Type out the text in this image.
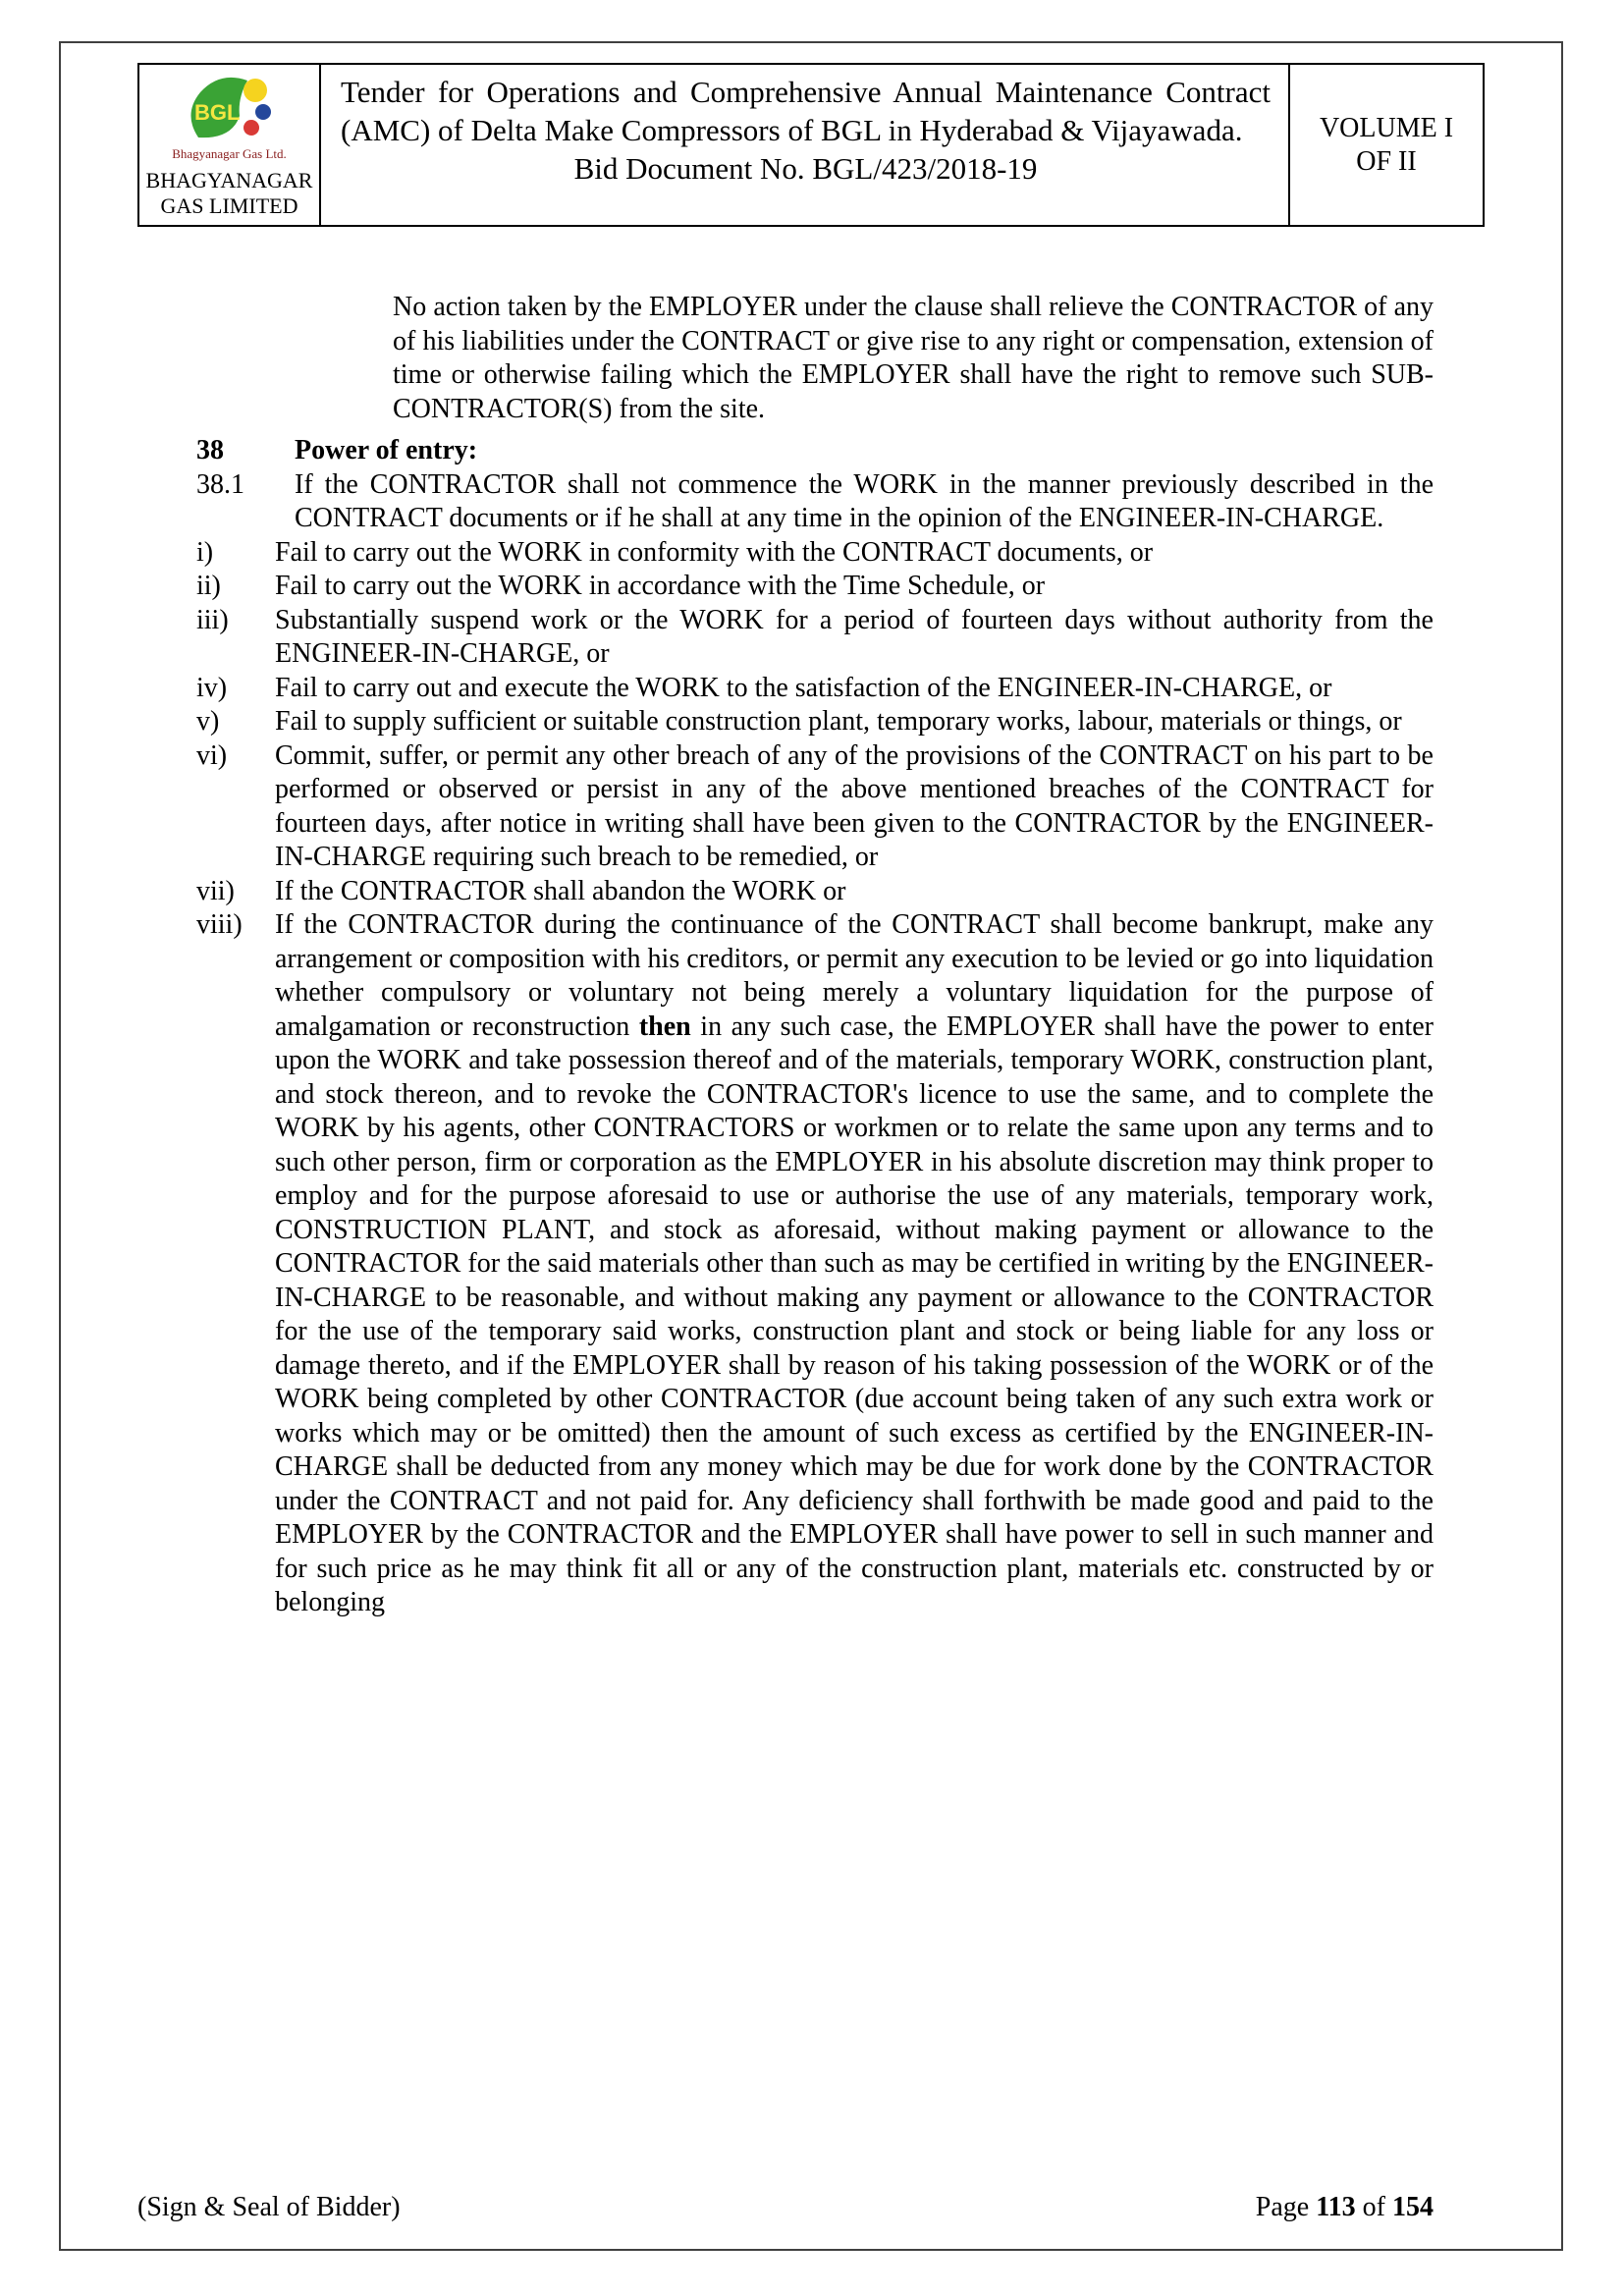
BGL
Bhagyanagar Gas Ltd.
BHAGYANAGAR GAS LIMITED

Tender for Operations and Comprehensive Annual Maintenance Contract (AMC) of Delta Make Compressors of BGL in Hyderabad & Vijayawada.

Bid Document No. BGL/423/2018-19

VOLUME I
OF II

No action taken by the EMPLOYER under the clause shall relieve the CONTRACTOR of any of his liabilities under the CONTRACT or give rise to any right or compensation, extension of time or otherwise failing which the EMPLOYER shall have the right to remove such SUB-CONTRACTOR(S) from the site.

38	Power of entry:
38.1	If the CONTRACTOR shall not commence the WORK in the manner previously described in the CONTRACT documents or if he shall at any time in the opinion of the ENGINEER-IN-CHARGE.
i)	Fail to carry out the WORK in conformity with the CONTRACT documents, or
ii)	Fail to carry out the WORK in accordance with the Time Schedule, or
iii)	Substantially suspend work or the WORK for a period of fourteen days without authority from the ENGINEER-IN-CHARGE, or
iv)	Fail to carry out and execute the WORK to the satisfaction of the ENGINEER-IN-CHARGE, or
v)	Fail to supply sufficient or suitable construction plant, temporary works, labour, materials or things, or
vi)	Commit, suffer, or permit any other breach of any of the provisions of the CONTRACT on his part to be performed or observed or persist in any of the above mentioned breaches of the CONTRACT for fourteen days, after notice in writing shall have been given to the CONTRACTOR by the ENGINEER-IN-CHARGE requiring such breach to be remedied, or
vii)	If the CONTRACTOR shall abandon the WORK or
viii)	If the CONTRACTOR during the continuance of the CONTRACT shall become bankrupt, make any arrangement or composition with his creditors, or permit any execution to be levied or go into liquidation whether compulsory or voluntary not being merely a voluntary liquidation for the purpose of amalgamation or reconstruction then in any such case, the EMPLOYER shall have the power to enter upon the WORK and take possession thereof and of the materials, temporary WORK, construction plant, and stock thereon, and to revoke the CONTRACTOR's licence to use the same, and to complete the WORK by his agents, other CONTRACTORS or workmen or to relate the same upon any terms and to such other person, firm or corporation as the EMPLOYER in his absolute discretion may think proper to employ and for the purpose aforesaid to use or authorise the use of any materials, temporary work, CONSTRUCTION PLANT, and stock as aforesaid, without making payment or allowance to the CONTRACTOR for the said materials other than such as may be certified in writing by the ENGINEER-IN-CHARGE to be reasonable, and without making any payment or allowance to the CONTRACTOR for the use of the temporary said works, construction plant and stock or being liable for any loss or damage thereto, and if the EMPLOYER shall by reason of his taking possession of the WORK or of the WORK being completed by other CONTRACTOR (due account being taken of any such extra work or works which may or be omitted) then the amount of such excess as certified by the ENGINEER-IN-CHARGE shall be deducted from any money which may be due for work done by the CONTRACTOR under the CONTRACT and not paid for. Any deficiency shall forthwith be made good and paid to the EMPLOYER by the CONTRACTOR and the EMPLOYER shall have power to sell in such manner and for such price as he may think fit all or any of the construction plant, materials etc. constructed by or belonging
(Sign & Seal of Bidder)	Page 113 of 154
